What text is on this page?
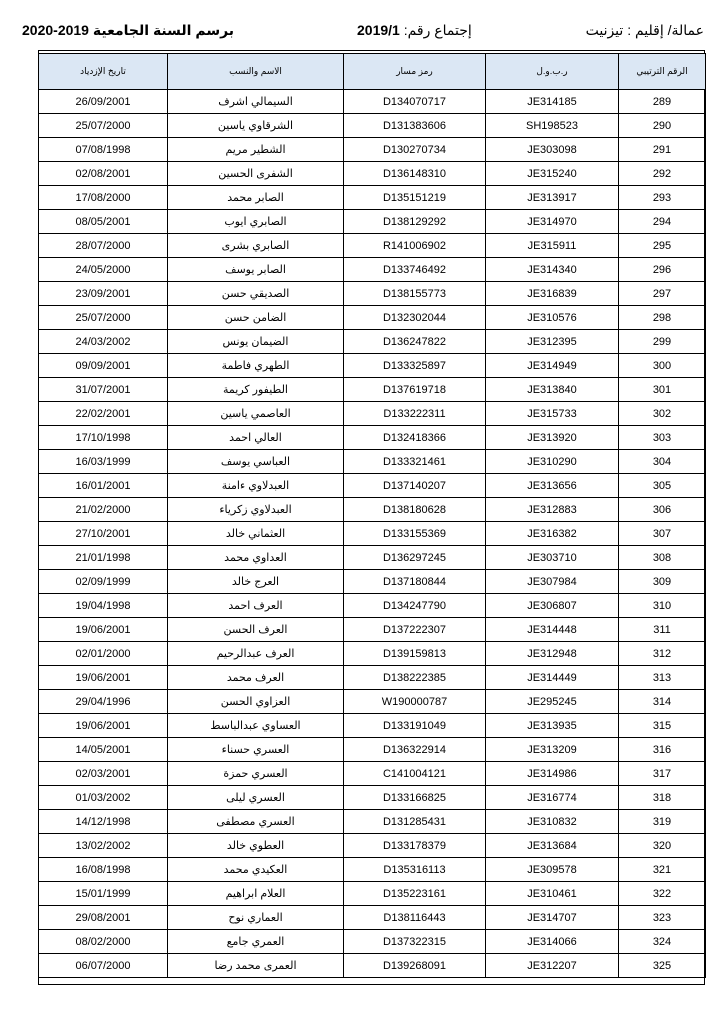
برسم السنة الجامعية 2019-2020	إجتماع رقم: 2019/1	عمالة/ إقليم : تيزنيت
تاريخ الإزدياد	الاسم والنسب	رمز مسار	ر.ب.و.ل	الرقم الترتيبي
26/09/2001	السيمالي اشرف	D134070717	JE314185	289
25/07/2000	الشرقاوي ياسين	D131383606	SH198523	290
07/08/1998	الشطير مريم	D130270734	JE303098	291
02/08/2001	الشفرى الحسين	D136148310	JE315240	292
17/08/2000	الصابر محمد	D135151219	JE313917	293
08/05/2001	الصابري ايوب	D138129292	JE314970	294
28/07/2000	الصابري بشرى	R141006902	JE315911	295
24/05/2000	الصابر يوسف	D133746492	JE314340	296
23/09/2001	الصديقي حسن	D138155773	JE316839	297
25/07/2000	الضامن حسن	D132302044	JE310576	298
24/03/2002	الضيمان يونس	D136247822	JE312395	299
09/09/2001	الطهري فاطمة	D133325897	JE314949	300
31/07/2001	الطيفور كريمة	D137619718	JE313840	301
22/02/2001	العاصمي ياسين	D133222311	JE315733	302
17/10/1998	العالي احمد	D132418366	JE313920	303
16/03/1999	العباسي يوسف	D133321461	JE310290	304
16/01/2001	العبدلاوي ءامنة	D137140207	JE313656	305
21/02/2000	العبدلاوي زكرياء	D138180628	JE312883	306
27/10/2001	العثماني خالد	D133155369	JE316382	307
21/01/1998	العداوي محمد	D136297245	JE303710	308
02/09/1999	العرج خالد	D137180844	JE307984	309
19/04/1998	العرف احمد	D134247790	JE306807	310
19/06/2001	العرف الحسن	D137222307	JE314448	311
02/01/2000	العرف عبدالرحيم	D139159813	JE312948	312
19/06/2001	العرف محمد	D138222385	JE314449	313
29/04/1996	العزاوي الحسن	W190000787	JE295245	314
19/06/2001	العساوي عبدالباسط	D133191049	JE313935	315
14/05/2001	العسري حسناء	D136322914	JE313209	316
02/03/2001	العسري حمزة	C141004121	JE314986	317
01/03/2002	العسري ليلى	D133166825	JE316774	318
14/12/1998	العسري مصطفى	D131285431	JE310832	319
13/02/2002	العطوي خالد	D133178379	JE313684	320
16/08/1998	العكيدي محمد	D135316113	JE309578	321
15/01/1999	العلام ابراهيم	D135223161	JE310461	322
29/08/2001	العماري نوح	D138116443	JE314707	323
08/02/2000	العمري جامع	D137322315	JE314066	324
06/07/2000	العمرى محمد رضا	D139268091	JE312207	325
